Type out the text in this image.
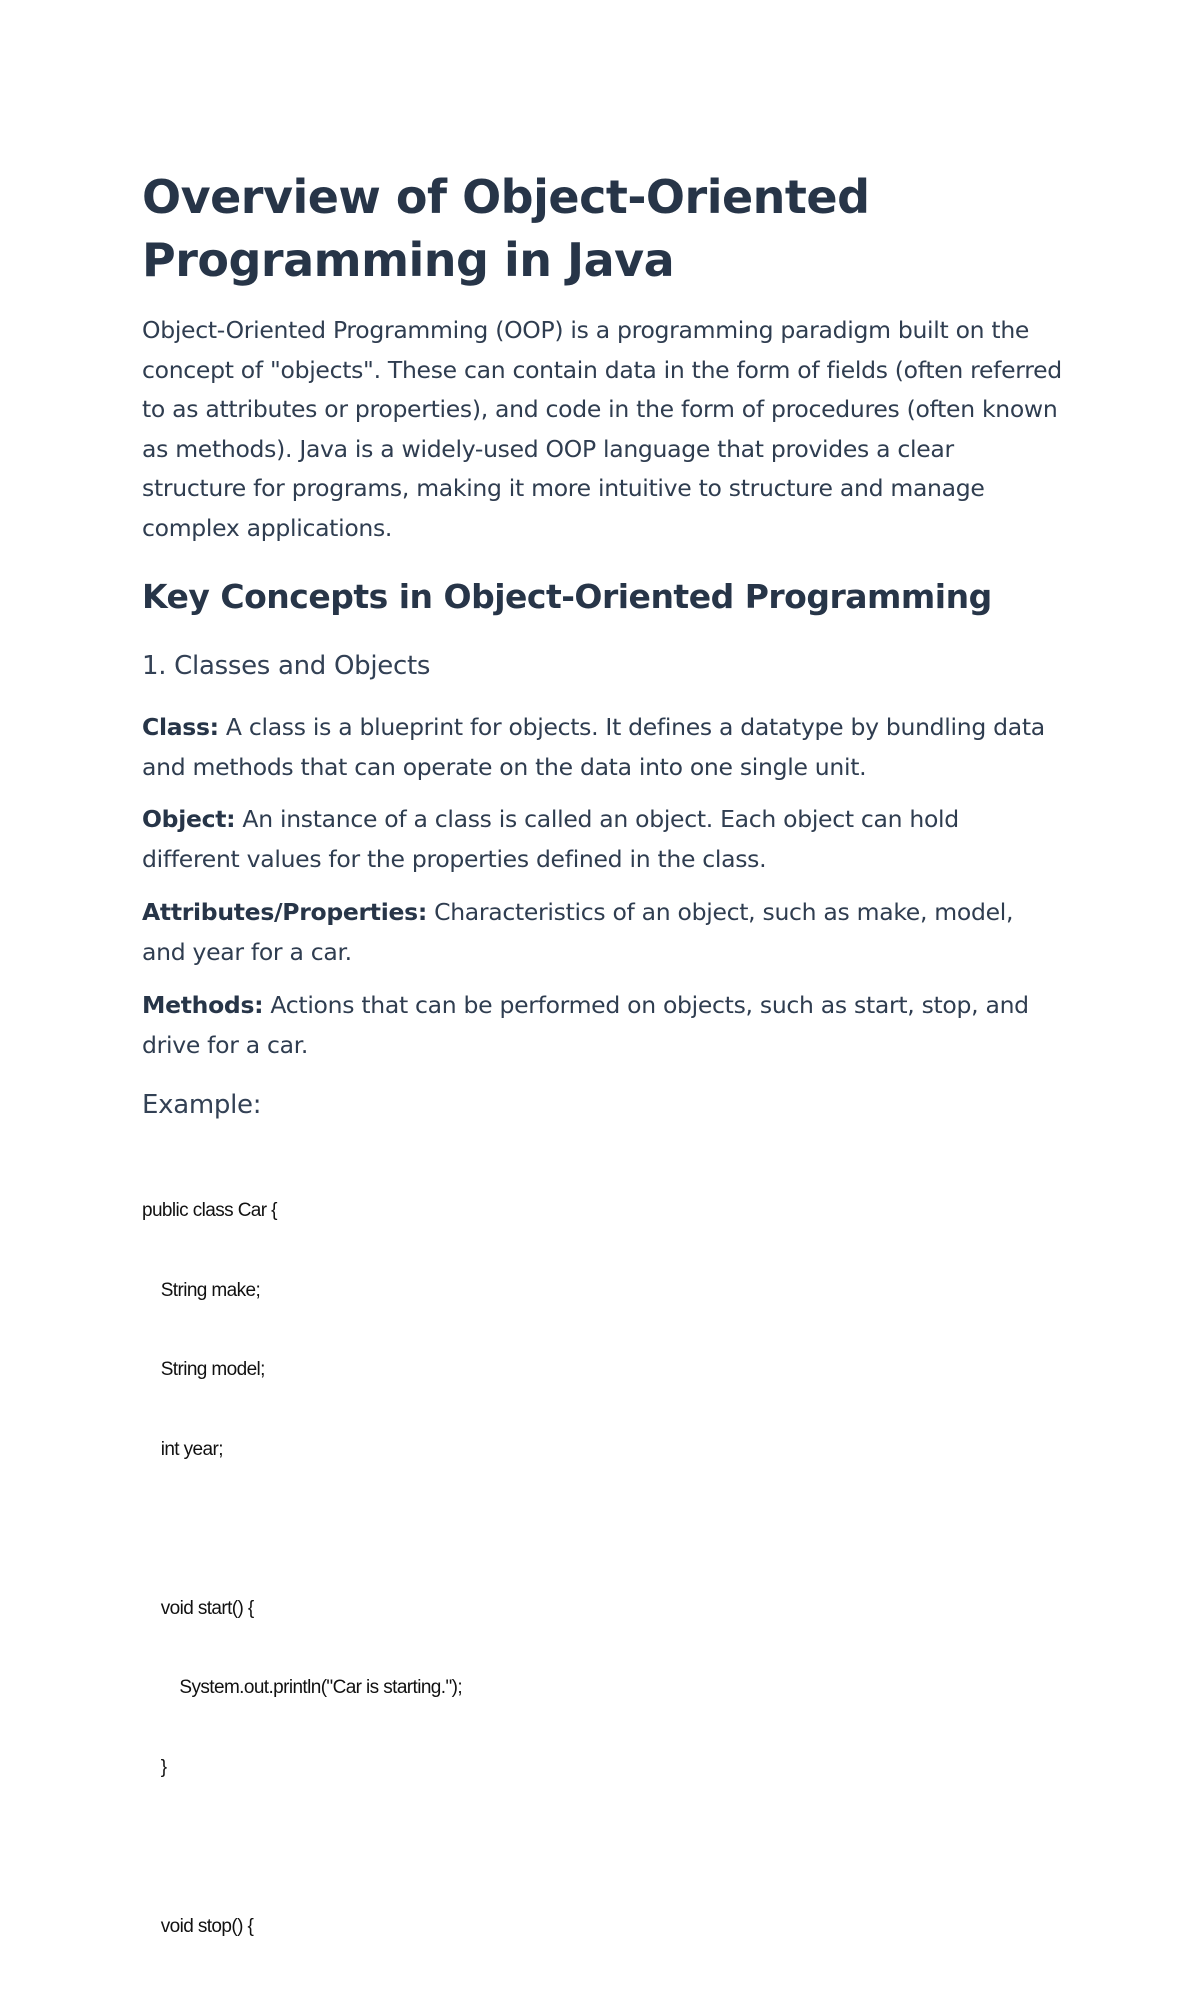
Overview of Object-Oriented Programming in Java

Object-Oriented Programming (OOP) is a programming paradigm built on the concept of "objects". These can contain data in the form of fields (often referred to as attributes or properties), and code in the form of procedures (often known as methods). Java is a widely-used OOP language that provides a clear structure for programs, making it more intuitive to structure and manage complex applications.

Key Concepts in Object-Oriented Programming
1. Classes and Objects

Class: A class is a blueprint for objects. It defines a datatype by bundling data and methods that can operate on the data into one single unit.

Object: An instance of a class is called an object. Each object can hold different values for the properties defined in the class.

Attributes/Properties: Characteristics of an object, such as make, model, and year for a car.

Methods: Actions that can be performed on objects, such as start, stop, and drive for a car.

Example:

public class Car {

String make;

String model;

int year;

void start() {

System.out.println("Car is starting.");

}

void stop() {
